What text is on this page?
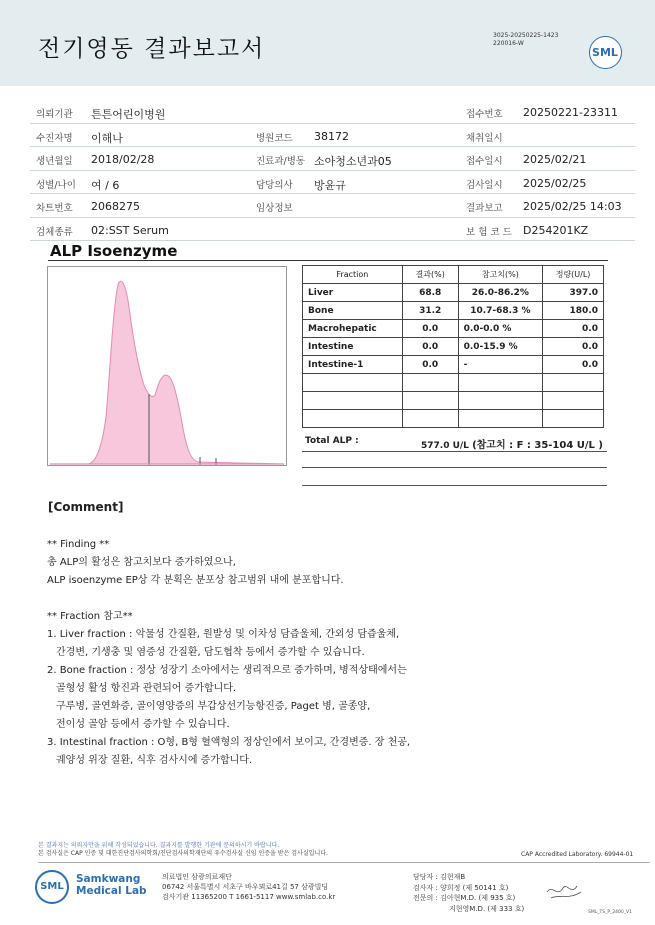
전기영동 결과보고서
3025-20250225-1423
220016-W
SML
의뢰기관 튼튼어린이병원	접수번호 20250221-23311
수진자명 이해나	병원코드 38172	채취일시
생년월일 2018/02/28	진료과/병동 소아청소년과05	접수일시 2025/02/21
성별/나이 여 / 6	담당의사 방윤규	검사일시 2025/02/25
차트번호 2068275	임상정보	결과보고 2025/02/25 14:03
검체종류 02:SST Serum	보 험 코 드 D254201KZ
ALP Isoenzyme
Fraction	결과(%)	참고치(%)	정량(U/L)
Liver	68.8	26.0-86.2%	397.0
Bone	31.2	10.7-68.3 %	180.0
Macrohepatic	0.0	0.0-0.0 %	0.0
Intestine	0.0	0.0-15.9 %	0.0
Intestine-1	0.0	-	0.0

Total ALP :	577.0 U/L (참고치 : F : 35-104 U/L )
[Comment]
** Finding **
총 ALP의 활성은 참고치보다 증가하였으나,
ALP isoenzyme EP상 각 분획은 분포상 참고범위 내에 분포합니다.

** Fraction 참고**
1. Liver fraction : 악물성 간질환, 원발성 및 이차성 담즙울체, 간외성 담즙울체,
간경변, 기생충 및 염증성 간질환, 담도협착 등에서 증가할 수 있습니다.
2. Bone fraction : 정상 성장기 소아에서는 생리적으로 증가하며, 병적상태에서는
골형성 활성 항진과 관련되어 증가합니다.
구루병, 골연화증, 골이영양증의 부갑상선기능항진증, Paget 병, 골종양,
전이성 골암 등에서 증가할 수 있습니다.
3. Intestinal fraction : O형, B형 혈액형의 정상인에서 보이고, 간경변증. 장 천공,
궤양성 위장 질환, 식후 검사시에 증가합니다.
본 결과지는 의뢰자만을 위해 작성되었습니다. 결과지를 발행한 기관에 문의하시기 바랍니다.
본 검사실은 CAP 인증 및 대한진단검사의학회/진단검사의학재단의 우수검사실 신임 인증을 받은 검사실입니다.	CAP Accredited Laboratory. 69944-01
SML
Samkwang
Medical Lab
의료법인 삼광의료재단
06742 서울특별시 서초구 바우뫼로41길 57 삼광빌딩
검사기관 11365200 T 1661-5117 www.smlab.co.kr
담당자 : 김현재B
검사자 : 양희정 (제 50141 호)
전문의 : 김아현M.D. (제 935 호)
지현영M.D. (제 333 호)	SML_TS_P_2400_V1
